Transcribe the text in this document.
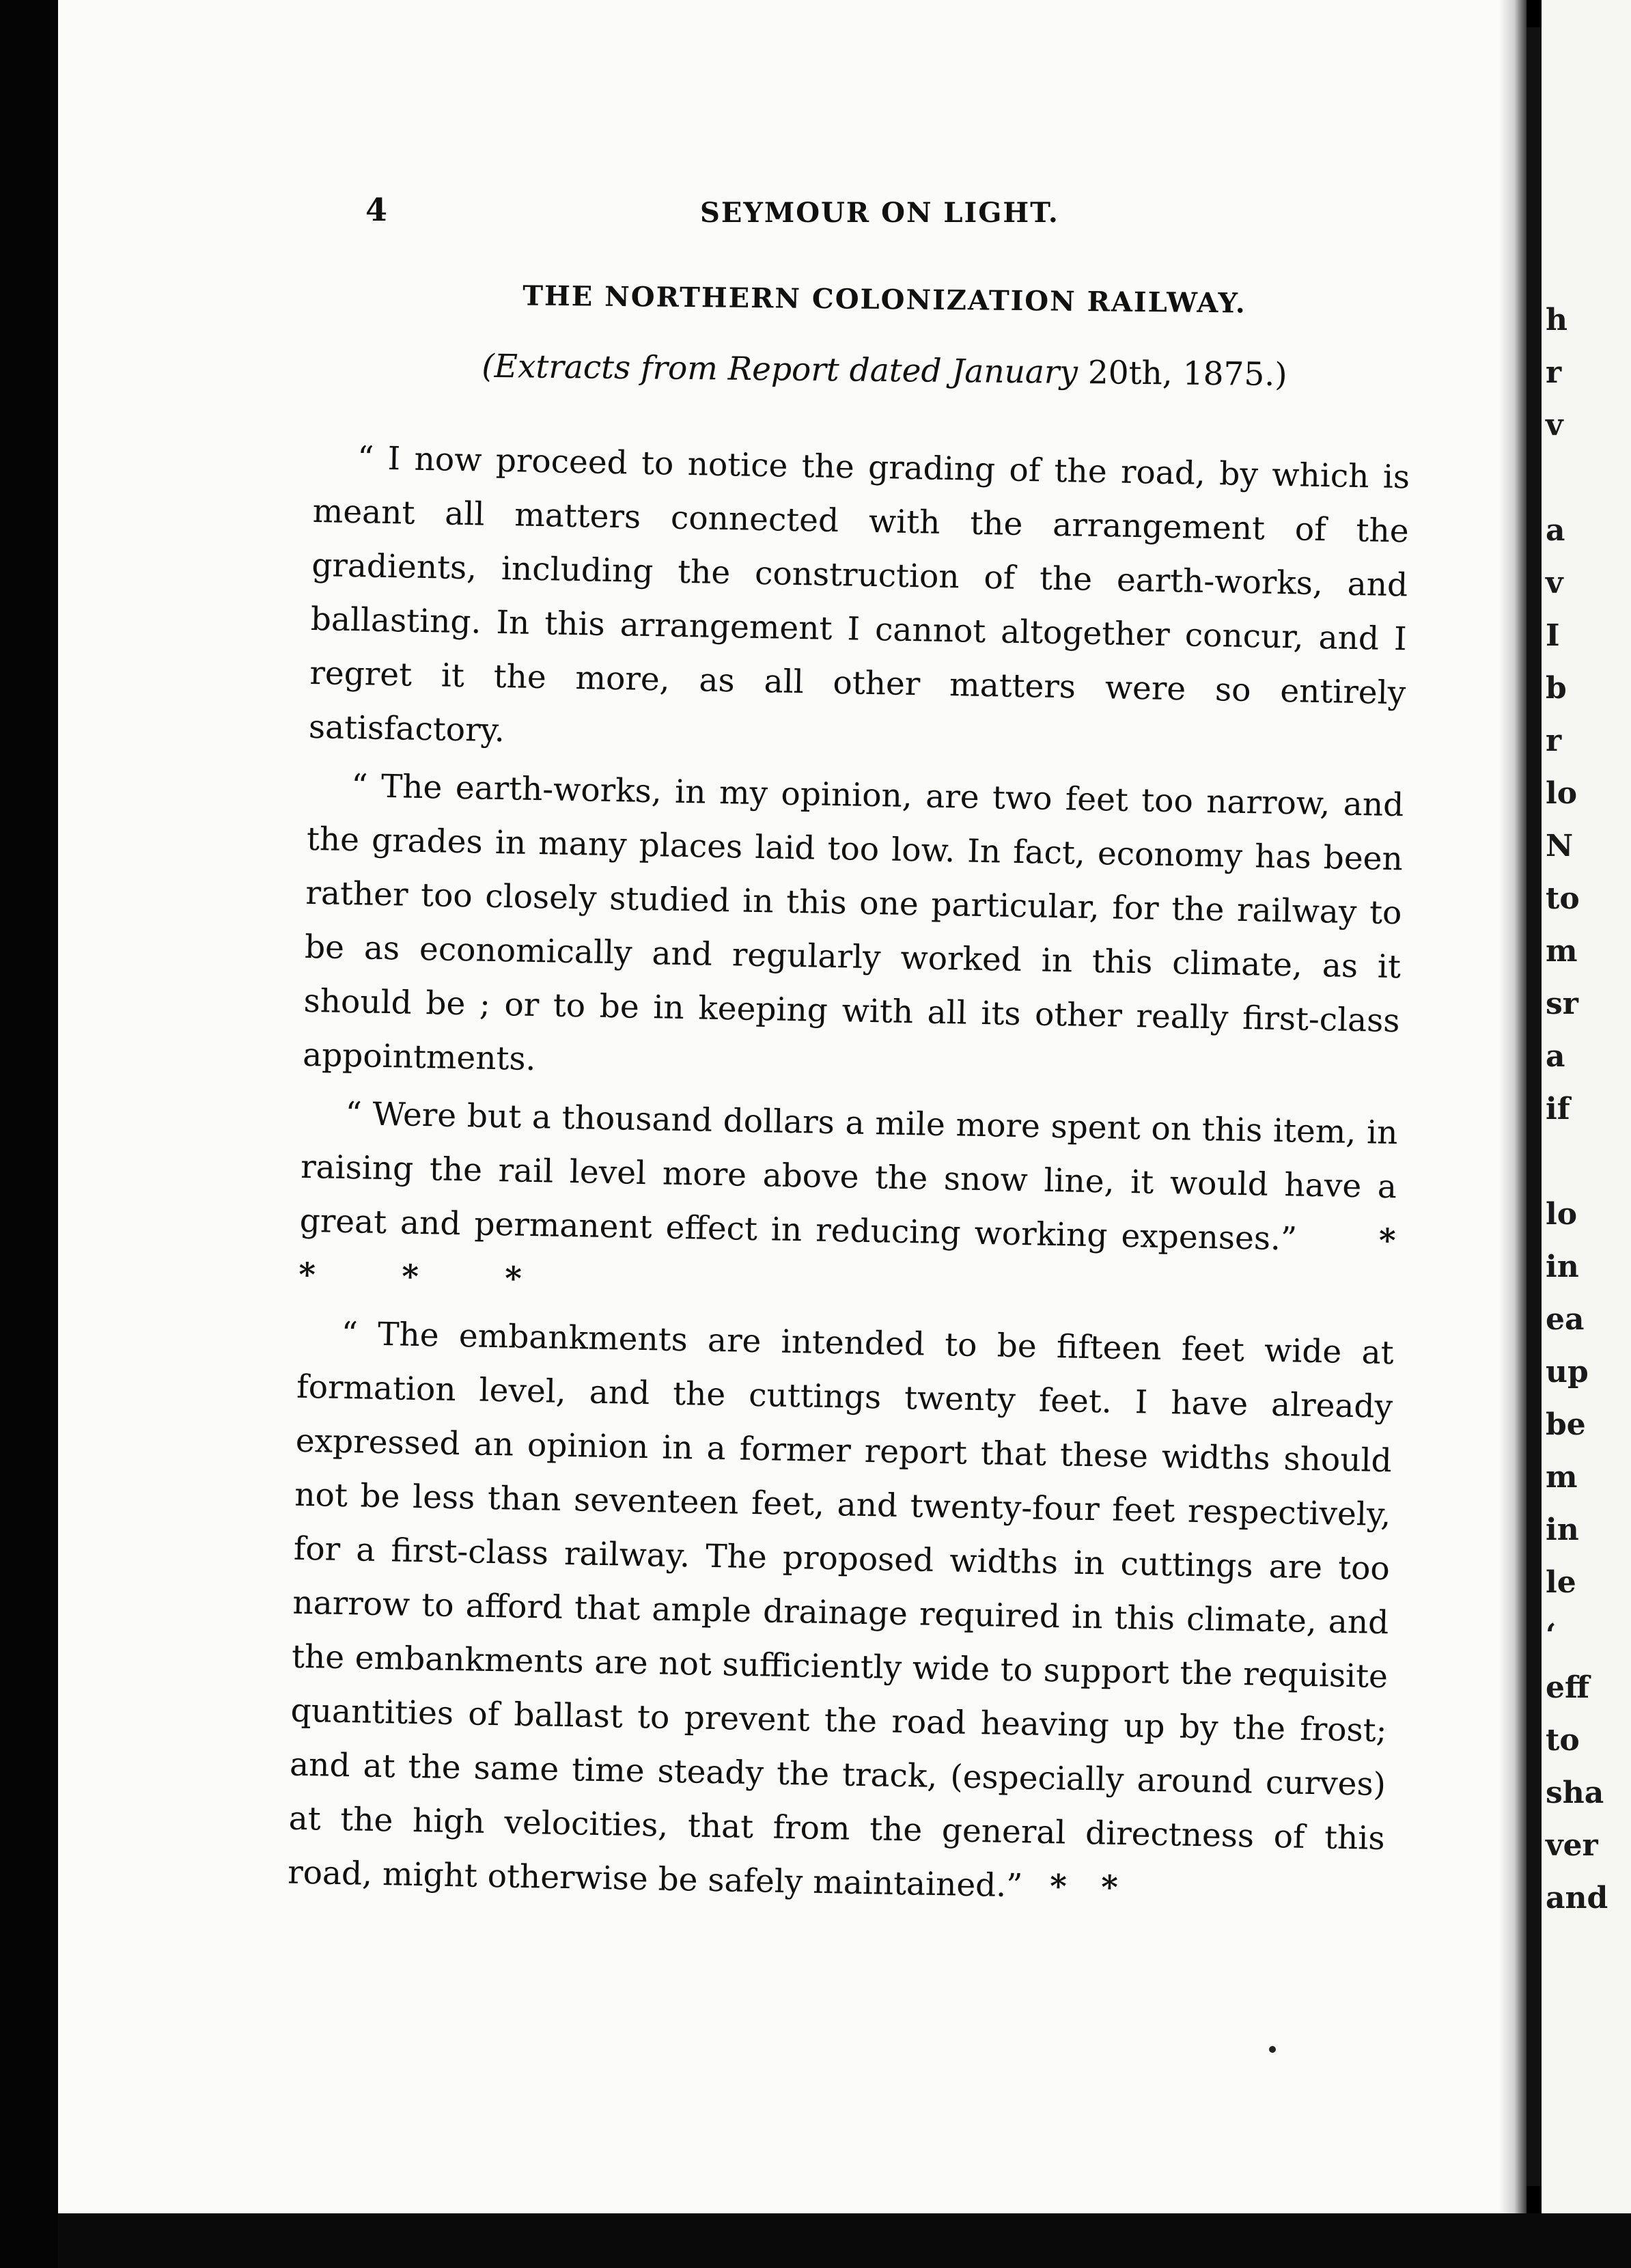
h
r
v
a
v
I
b
r
lo
N
to
m
sr
a
if
lo
in
ea
up
be
m
in
le
‘
eff
to
sha
ver
and
4	SEYMOUR ON LIGHT.
THE NORTHERN COLONIZATION RAILWAY.
(Extracts from Report dated January 20th, 1875.)

“ I now proceed to notice the grading of the road, by which is meant all matters connected with the arrangement of the gradients, including the construction of the earth-works, and ballasting. In this arrangement I cannot altogether concur, and I regret it the more, as all other matters were so entirely satisfactory.

“ The earth-works, in my opinion, are two feet too narrow, and the grades in many places laid too low. In fact, economy has been rather too closely studied in this one particular, for the railway to be as economically and regularly worked in this climate, as it should be ; or to be in keeping with all its other really first-class appointments.

“ Were but a thousand dollars a mile more spent on this item, in raising the rail level more above the snow line, it would have a great and permanent effect in reducing working expenses.”	* * * *

“ The embankments are intended to be fifteen feet wide at formation level, and the cuttings twenty feet. I have already expressed an opinion in a former report that these widths should not be less than seventeen feet, and twenty-four feet respectively, for a first-class railway. The proposed widths in cuttings are too narrow to afford that ample drainage required in this climate, and the embankments are not sufficiently wide to support the requisite quantities of ballast to prevent the road heaving up by the frost; and at the same time steady the track, (especially around curves) at the high velocities, that from the general directness of this road, might otherwise be safely maintained.” * *
